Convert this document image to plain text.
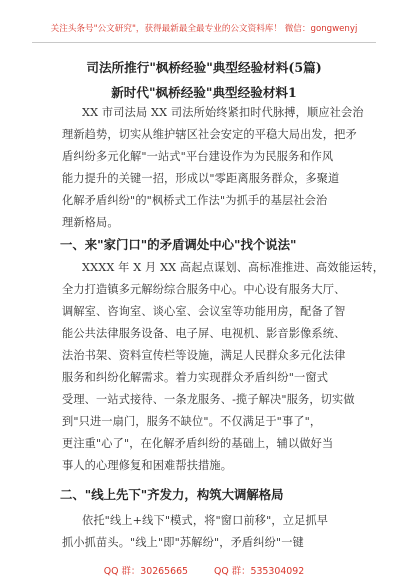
关注头条号"公文研究"，获得最新最全最专业的公文资料库！ 微信：gongwenyj
司法所推行"枫桥经验"典型经验材料(5篇)
新时代"枫桥经验"典型经验材料1
XX 市司法局 XX 司法所始终紧扣时代脉搏，顺应社会治
理新趋势，切实从维护辖区社会安定的平稳大局出发，把矛
盾纠纷多元化解"一站式"平台建设作为为民服务和作风
能力提升的关键一招，形成以"零距离服务群众，多聚道
化解矛盾纠纷"的"枫桥式工作法"为抓手的基层社会治
理新格局。
一、来"家门口"的矛盾调处中心"找个说法"
XXXX 年 X 月 XX 高起点谋划、高标准推进、高效能运转，
全力打造镇多元解纷综合服务中心。中心设有服务大厅、
调解室、咨询室、谈心室、会议室等功能用房，配备了智
能公共法律服务设备、电子屏、电视机、影音影像系统、
法治书架、资料宣传栏等设施，满足人民群众多元化法律
服务和纠纷化解需求。着力实现群众矛盾纠纷"一窗式
受理、一站式接待、一条龙服务、-揽子解决"服务，切实做
到"只进一扇门，服务不缺位"。不仅满足于"事了"，
更注重"心了"，在化解矛盾纠纷的基础上，辅以做好当
事人的心理修复和困难帮扶措施。
二、"线上先下"齐发力，构筑大调解格局
依托"线上+线下"模式，将"窗口前移"，立足抓早
抓小抓苗头。"线上"即"苏解纷"，矛盾纠纷"一键
QQ 群：30265665	QQ 群：535304092
